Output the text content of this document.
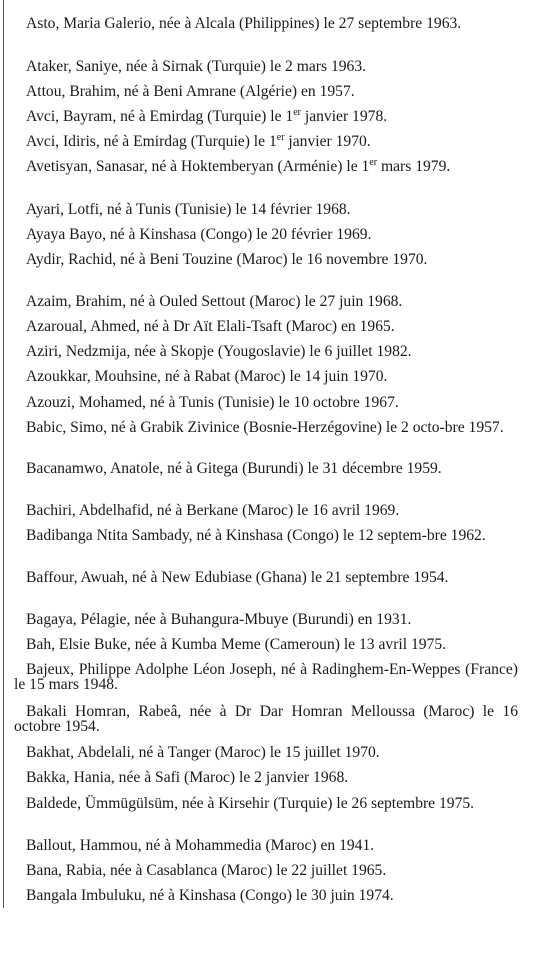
Asto, Maria Galerio, née à Alcala (Philippines) le 27 septembre 1963.
Ataker, Saniye, née à Sirnak (Turquie) le 2 mars 1963.
Attou, Brahim, né à Beni Amrane (Algérie) en 1957.
Avci, Bayram, né à Emirdag (Turquie) le 1er janvier 1978.
Avci, Idiris, né à Emirdag (Turquie) le 1er janvier 1970.
Avetisyan, Sanasar, né à Hoktemberyan (Arménie) le 1er mars 1979.
Ayari, Lotfi, né à Tunis (Tunisie) le 14 février 1968.
Ayaya Bayo, né à Kinshasa (Congo) le 20 février 1969.
Aydir, Rachid, né à Beni Touzine (Maroc) le 16 novembre 1970.
Azaim, Brahim, né à Ouled Settout (Maroc) le 27 juin 1968.
Azaroual, Ahmed, né à Dr Aït Elali-Tsaft (Maroc) en 1965.
Aziri, Nedzmija, née à Skopje (Yougoslavie) le 6 juillet 1982.
Azoukkar, Mouhsine, né à Rabat (Maroc) le 14 juin 1970.
Azouzi, Mohamed, né à Tunis (Tunisie) le 10 octobre 1967.
Babic, Simo, né à Grabik Zivinice (Bosnie-Herzégovine) le 2 octo-bre 1957.
Bacanamwo, Anatole, né à Gitega (Burundi) le 31 décembre 1959.
Bachiri, Abdelhafid, né à Berkane (Maroc) le 16 avril 1969.
Badibanga Ntita Sambady, né à Kinshasa (Congo) le 12 septem-bre 1962.
Baffour, Awuah, né à New Edubiase (Ghana) le 21 septembre 1954.
Bagaya, Pélagie, née à Buhangura-Mbuye (Burundi) en 1931.
Bah, Elsie Buke, née à Kumba Meme (Cameroun) le 13 avril 1975.
Bajeux, Philippe Adolphe Léon Joseph, né à Radinghem-En-Weppes (France) le 15 mars 1948.
Bakali Homran, Rabeâ, née à Dr Dar Homran Melloussa (Maroc) le 16 octobre 1954.
Bakhat, Abdelali, né à Tanger (Maroc) le 15 juillet 1970.
Bakka, Hania, née à Safi (Maroc) le 2 janvier 1968.
Baldede, Ümmügülsüm, née à Kirsehir (Turquie) le 26 septembre 1975.
Ballout, Hammou, né à Mohammedia (Maroc) en 1941.
Bana, Rabia, née à Casablanca (Maroc) le 22 juillet 1965.
Bangala Imbuluku, né à Kinshasa (Congo) le 30 juin 1974.
